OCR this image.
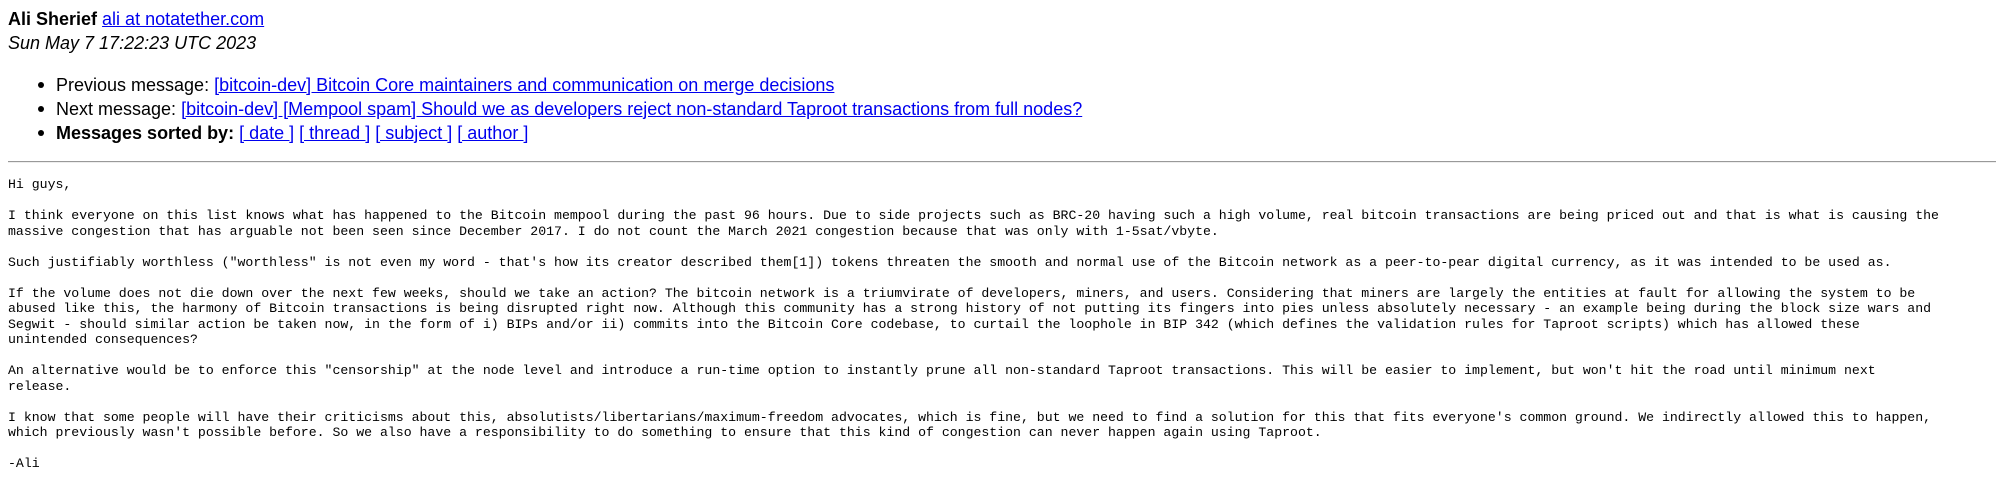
Ali Sherief ali at notatether.com
Sun May 7 17:22:23 UTC 2023
Previous message: [bitcoin-dev] Bitcoin Core maintainers and communication on merge decisions
Next message: [bitcoin-dev] [Mempool spam] Should we as developers reject non-standard Taproot transactions from full nodes?
Messages sorted by: [ date ] [ thread ] [ subject ] [ author ]
Hi guys,
I think everyone on this list knows what has happened to the Bitcoin mempool during the past 96 hours. Due to side projects such as BRC-20 having such a high volume, real bitcoin transactions are being priced out and that is what is causing the
massive congestion that has arguable not been seen since December 2017. I do not count the March 2021 congestion because that was only with 1-5sat/vbyte.
Such justifiably worthless ("worthless" is not even my word - that's how its creator described them[1]) tokens threaten the smooth and normal use of the Bitcoin network as a peer-to-pear digital currency, as it was intended to be used as.
If the volume does not die down over the next few weeks, should we take an action? The bitcoin network is a triumvirate of developers, miners, and users. Considering that miners are largely the entities at fault for allowing the system to be
abused like this, the harmony of Bitcoin transactions is being disrupted right now. Although this community has a strong history of not putting its fingers into pies unless absolutely necessary - an example being during the block size wars and
Segwit - should similar action be taken now, in the form of i) BIPs and/or ii) commits into the Bitcoin Core codebase, to curtail the loophole in BIP 342 (which defines the validation rules for Taproot scripts) which has allowed these
unintended consequences?
An alternative would be to enforce this "censorship" at the node level and introduce a run-time option to instantly prune all non-standard Taproot transactions. This will be easier to implement, but won't hit the road until minimum next
release.
I know that some people will have their criticisms about this, absolutists/libertarians/maximum-freedom advocates, which is fine, but we need to find a solution for this that fits everyone's common ground. We indirectly allowed this to happen,
which previously wasn't possible before. So we also have a responsibility to do something to ensure that this kind of congestion can never happen again using Taproot.
-Ali
